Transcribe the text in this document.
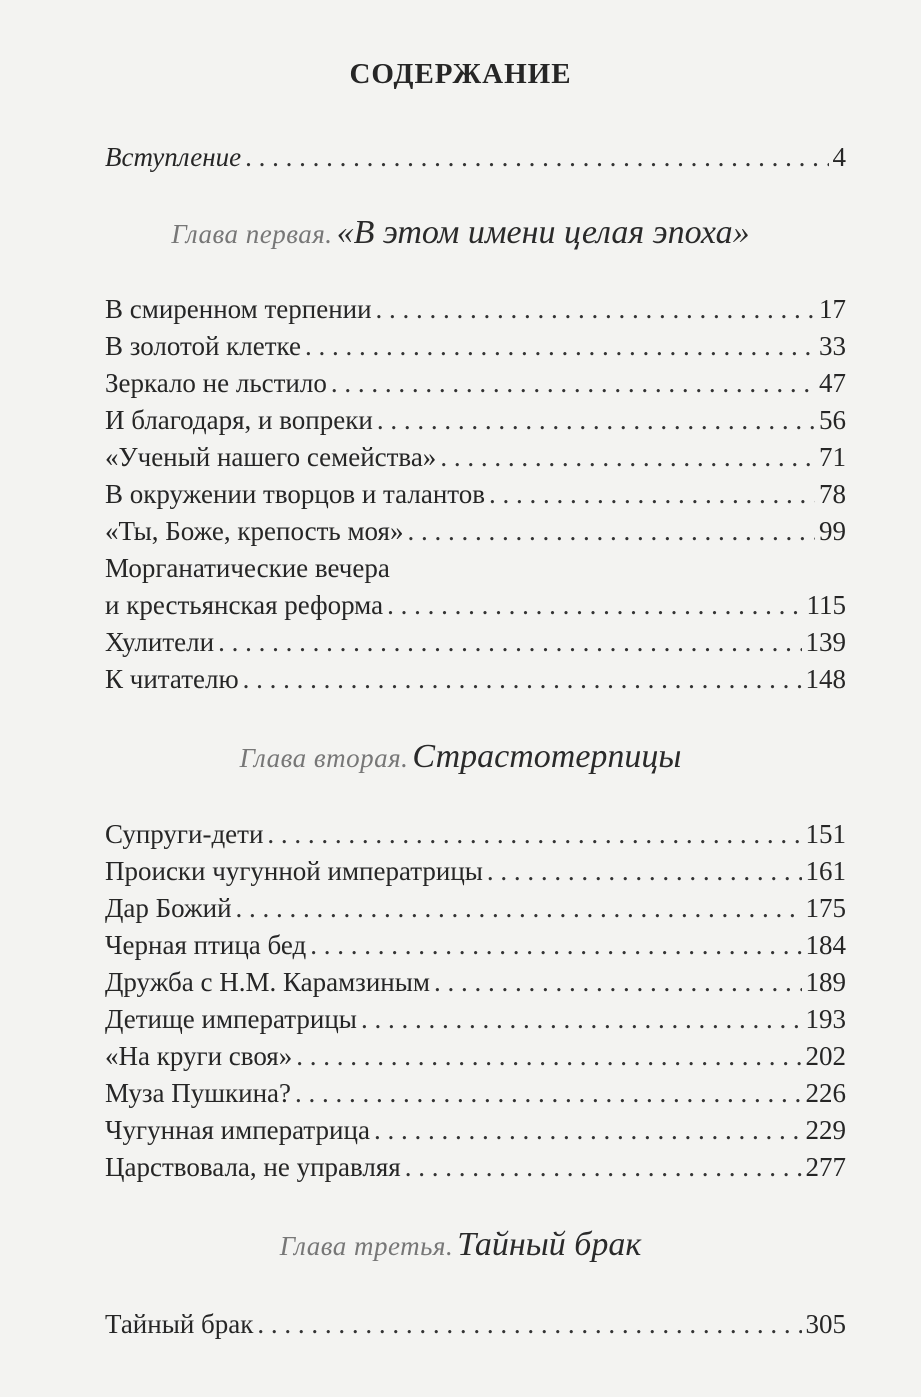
СОДЕРЖАНИЕ
Вступление . . .	4
Глава первая. «В этом имени целая эпоха»
В смиренном терпении . . .	17
В золотой клетке . . .	33
Зеркало не льстило . . .	47
И благодаря, и вопреки . . .	56
«Ученый нашего семейства» . . .	71
В окружении творцов и талантов . . .	78
«Ты, Боже, крепость моя» . . .	99
Морганатические вечера
и крестьянская реформа . . .	115
Хулители . . .	139
К читателю . . .	148
Глава вторая. Страстотерпицы
Супруги-дети . . .	151
Происки чугунной императрицы . . .	161
Дар Божий . . .	175
Черная птица бед . . .	184
Дружба с Н.М. Карамзиным . . .	189
Детище императрицы . . .	193
«На круги своя» . . .	202
Муза Пушкина? . . .	226
Чугунная императрица . . .	229
Царствовала, не управляя . . .	277
Глава третья. Тайный брак
Тайный брак . . .	305
